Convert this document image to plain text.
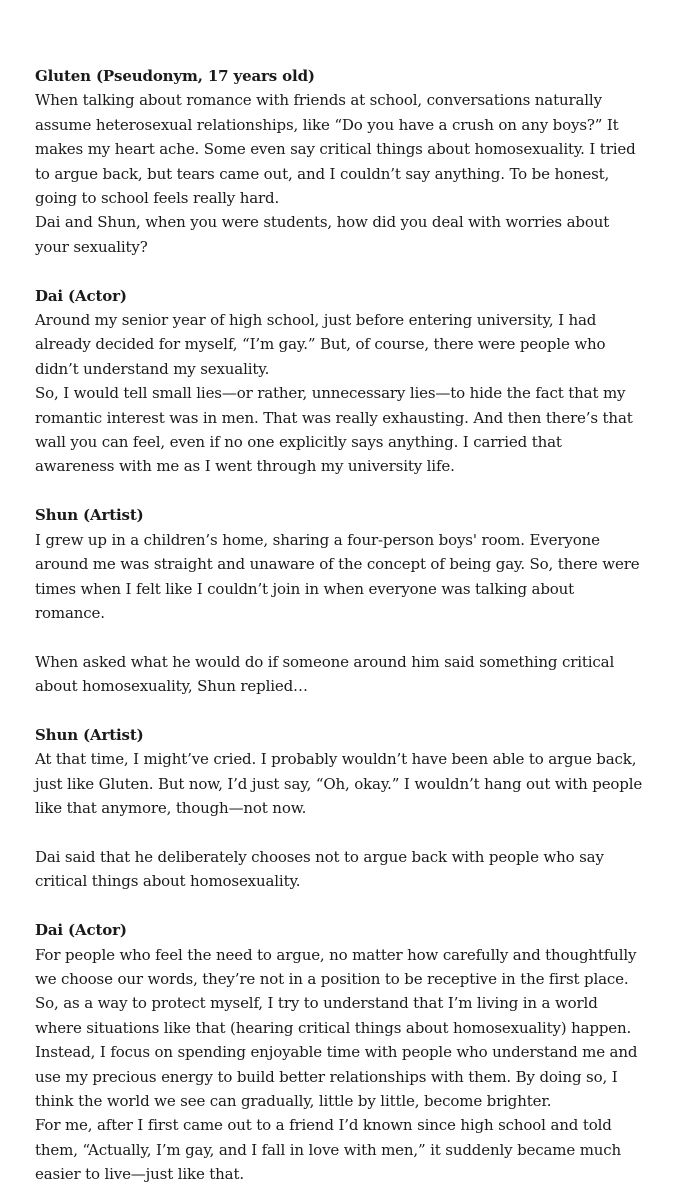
Gluten (Pseudonym, 17 years old)

When talking about romance with friends at school, conversations naturally assume heterosexual relationships, like “Do you have a crush on any boys?” It makes my heart ache. Some even say critical things about homosexuality. I tried to argue back, but tears came out, and I couldn’t say anything. To be honest, going to school feels really hard.

Dai and Shun, when you were students, how did you deal with worries about your sexuality?

Dai (Actor)

Around my senior year of high school, just before entering university, I had already decided for myself, “I’m gay.” But, of course, there were people who didn’t understand my sexuality.

So, I would tell small lies—or rather, unnecessary lies—to hide the fact that my romantic interest was in men. That was really exhausting. And then there’s that wall you can feel, even if no one explicitly says anything. I carried that awareness with me as I went through my university life.

Shun (Artist)

I grew up in a children’s home, sharing a four-person boys' room. Everyone around me was straight and unaware of the concept of being gay. So, there were times when I felt like I couldn’t join in when everyone was talking about romance.

When asked what he would do if someone around him said something critical about homosexuality, Shun replied…

Shun (Artist)

At that time, I might’ve cried. I probably wouldn’t have been able to argue back, just like Gluten. But now, I’d just say, “Oh, okay.” I wouldn’t hang out with people like that anymore, though—not now.

Dai said that he deliberately chooses not to argue back with people who say critical things about homosexuality.

Dai (Actor)

For people who feel the need to argue, no matter how carefully and thoughtfully we choose our words, they’re not in a position to be receptive in the first place.

So, as a way to protect myself, I try to understand that I’m living in a world where situations like that (hearing critical things about homosexuality) happen. Instead, I focus on spending enjoyable time with people who understand me and use my precious energy to build better relationships with them. By doing so, I think the world we see can gradually, little by little, become brighter.

For me, after I first came out to a friend I’d known since high school and told them, “Actually, I’m gay, and I fall in love with men,” it suddenly became much easier to live—just like that.
